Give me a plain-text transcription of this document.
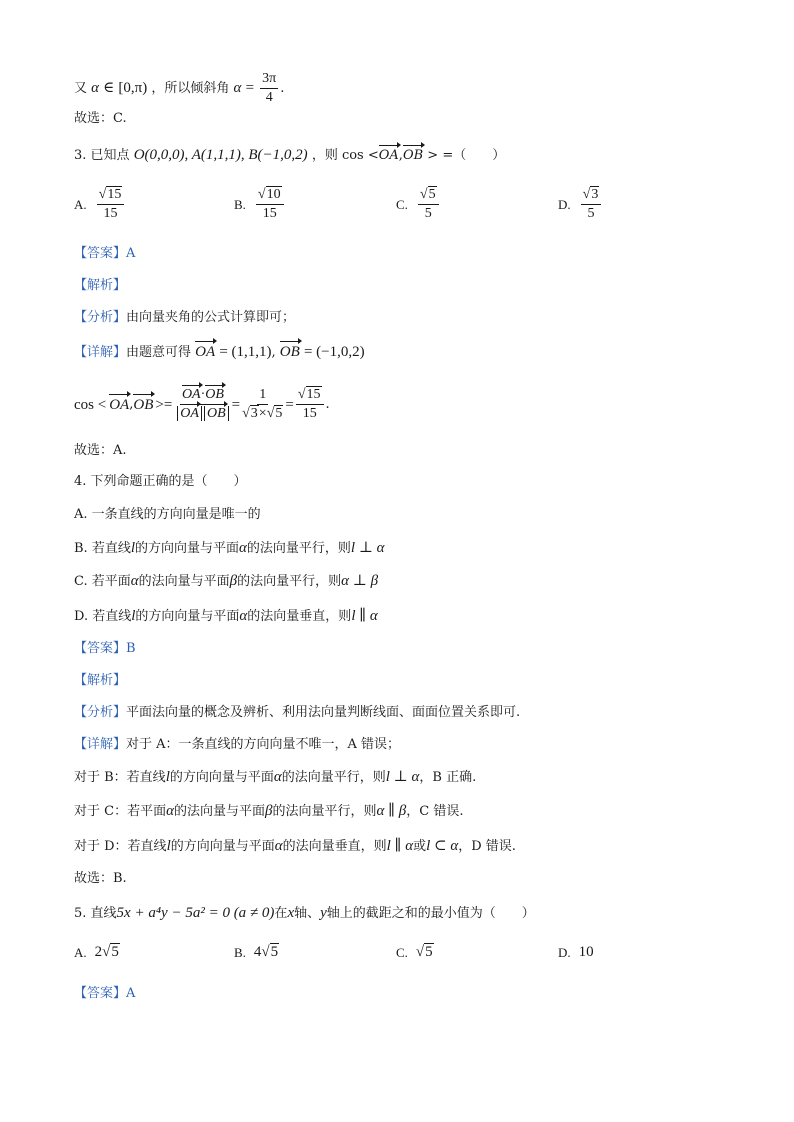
又 α ∈ [0,π) ，所以倾斜角 $\alpha = \frac{3\pi}{4}$ .
故选：C.
3. 已知点 O(0,0,0), A(1,1,1), B(−1,0,2) ，则 cos <OA,OB > =（　　）
A. $\frac{√15}{15}$	B. $\frac{√10}{15}$	C. $\frac{√5}{5}$	D. $\frac{√3}{5}$
【答案】A
【解析】
【分析】由向量夹角的公式计算即可；
【详解】由题意可得 OA = (1,1,1), OB = (−1,0,2)
cos < OA , OB >= $\frac{OA\cdot OB}{\text{OA OB}} = \frac{1}{√3\times√5} = \frac{√15}{15}$ .
故选：A.
4. 下列命题正确的是（　　）
A. 一条直线的方向向量是唯一的
B. 若直线l的方向向量与平面α的法向量平行，则l ⊥ α
C. 若平面α的法向量与平面β的法向量平行，则α ⊥ β
D. 若直线l的方向向量与平面α的法向量垂直，则l ∥ α
【答案】B
【解析】
【分析】平面法向量的概念及辨析、利用法向量判断线面、面面位置关系即可.
【详解】对于 A：一条直线的方向向量不唯一，A 错误；
对于 B：若直线l的方向向量与平面α的法向量平行，则l ⊥ α，B 正确.
对于 C：若平面α的法向量与平面β的法向量平行，则α ∥ β，C 错误.
对于 D：若直线l的方向向量与平面α的法向量垂直，则l ∥ α或l ⊂ α，D 错误.
故选：B.
5. 直线5x + a⁴y − 5a² = 0 (a ≠ 0)在x轴、y轴上的截距之和的最小值为（　　）
A. 2 √5	B. 4 √5	C. √5	D. 10
【答案】A
